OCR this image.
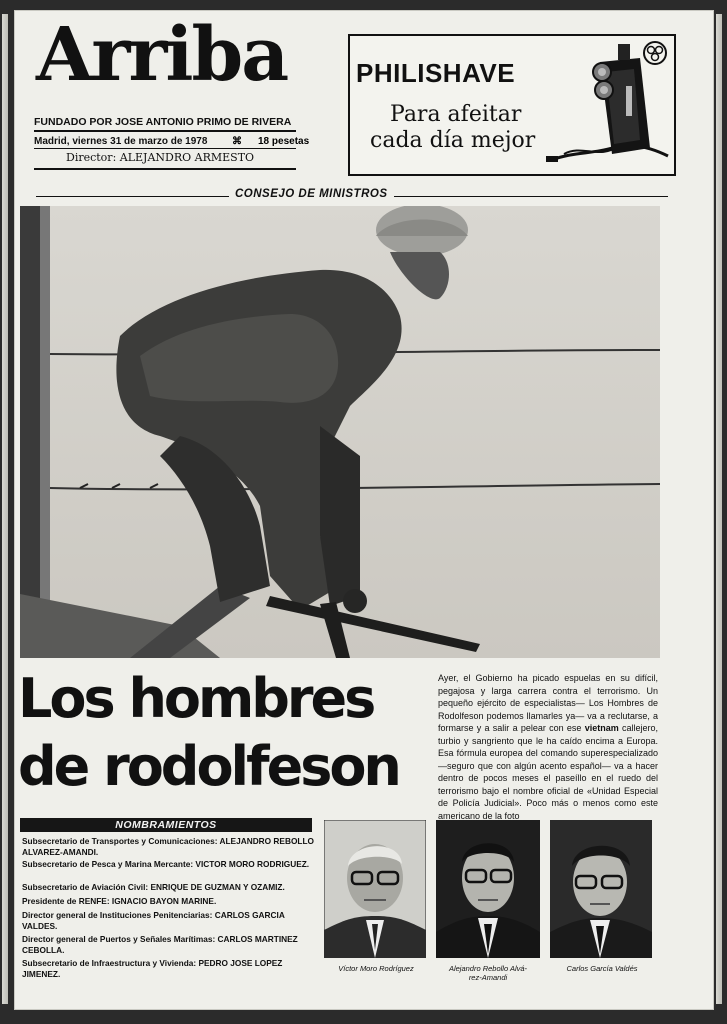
Arriba
FUNDADO POR JOSE ANTONIO PRIMO DE RIVERA
Madrid, viernes 31 de marzo de 1978 ⌘ 18 pesetas
Director: ALEJANDRO ARMESTO
PHILISHAVE
Para afeitar
cada día mejor
CONSEJO DE MINISTROS
Los hombres
de rodolfeson
Ayer, el Gobierno ha picado espuelas en su difícil, pegajosa y larga carrera contra el terrorismo. Un pequeño ejército de especialistas— Los Hombres de Rodolfeson podemos llamarles ya— va a reclutarse, a formarse y a salir a pelear con ese vietnam callejero, turbio y sangriento que le ha caído encima a Europa. Esa fórmula europea del comando superespecializado —seguro que con algún acento español— va a hacer dentro de pocos meses el paseíllo en el ruedo del terrorismo bajo el nombre oficial de «Unidad Especial de Policía Judicial». Poco más o menos como este americano de la foto
NOMBRAMIENTOS
Subsecretario de Transportes y Comunicaciones: ALEJANDRO REBOLLO ALVAREZ-AMANDI.
Subsecretario de Pesca y Marina Mercante: VICTOR MORO RODRIGUEZ.
Subsecretario de Aviación Civil: ENRIQUE DE GUZMAN Y OZAMIZ.
Presidente de RENFE: IGNACIO BAYON MARINE.
Director general de Instituciones Penitenciarias: CARLOS GARCIA VALDES.
Director general de Puertos y Señales Marítimas: CARLOS MARTINEZ CEBOLLA.
Subsecretario de Infraestructura y Vivienda: PEDRO JOSE LOPEZ JIMENEZ.
Víctor Moro Rodríguez	Alejandro Rebollo Alvá-
rez-Amandi
Carlos García Valdés
